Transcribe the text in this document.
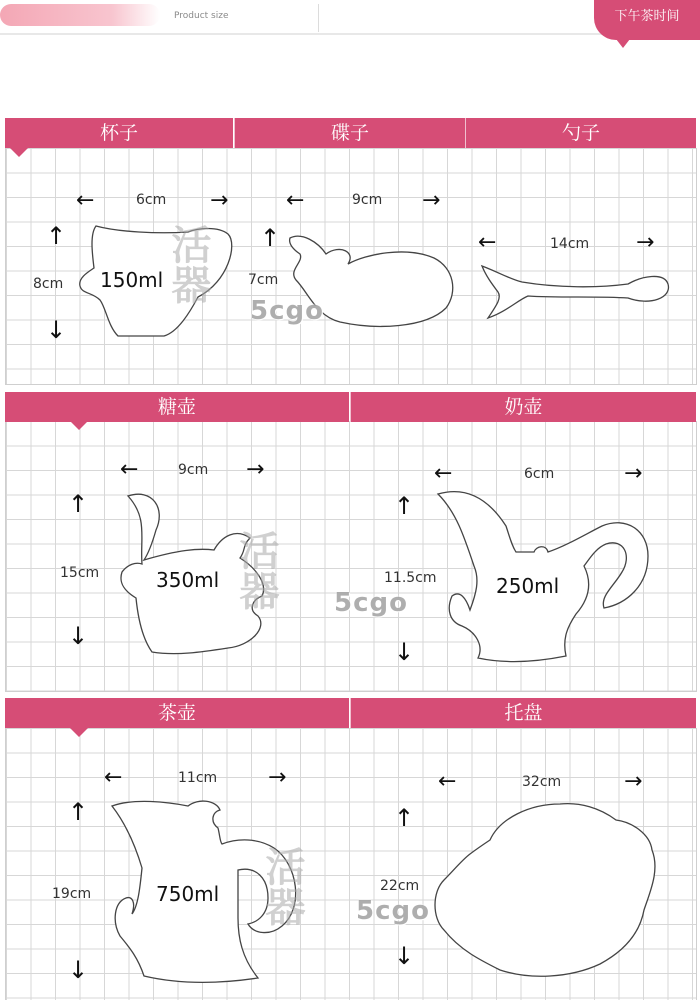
Product size	下午茶时间
杯子	碟子	勺子
←	6cm →
↑
8cm
↓
150ml
←	9cm →
↑
7cm
←	14cm →
糖壶	奶壶
←	9cm →
↑
15cm
↓
350ml
←	6cm	→
↑
11.5cm
↓
250ml
茶壶	托盘
←	11cm →
↑
19cm
↓
750ml
←	32cm	→
↑
22cm
↓
活器
5cgo
活器 5cgo
活器 5cgo
